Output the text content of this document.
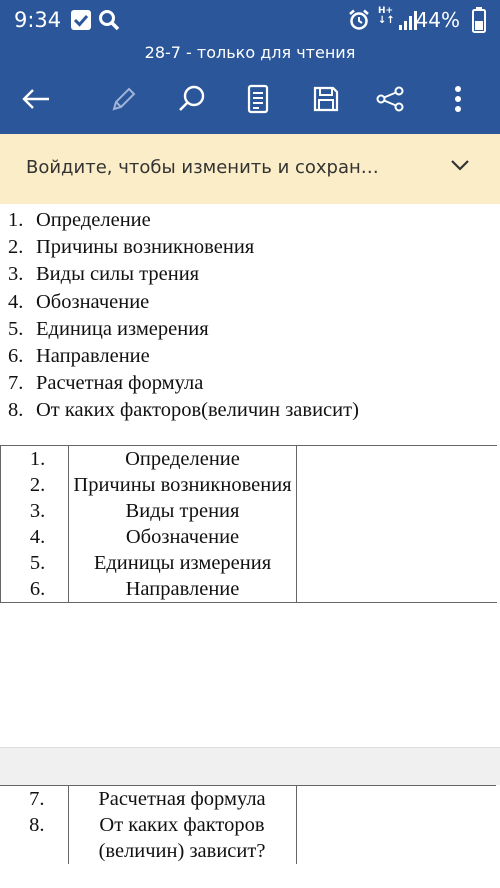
9:34	H+
↓↑ 44%
28-7 - только для чтения
1. Определение
2. Причины возникновения
3. Виды силы трения
4. Обозначение
5. Единица измерения
6. Направление
7. Расчетная формула
8. От каких факторов(величин зависит)
1.	Определение	
2.	Причины возникновения	
3.	Виды трения	
4.	Обозначение	
5.	Единицы измерения	
6.	Направление	
7.	Расчетная формула	
8.	От каких факторов (величин) зависит?	
Войдите, чтобы изменить и сохран…
